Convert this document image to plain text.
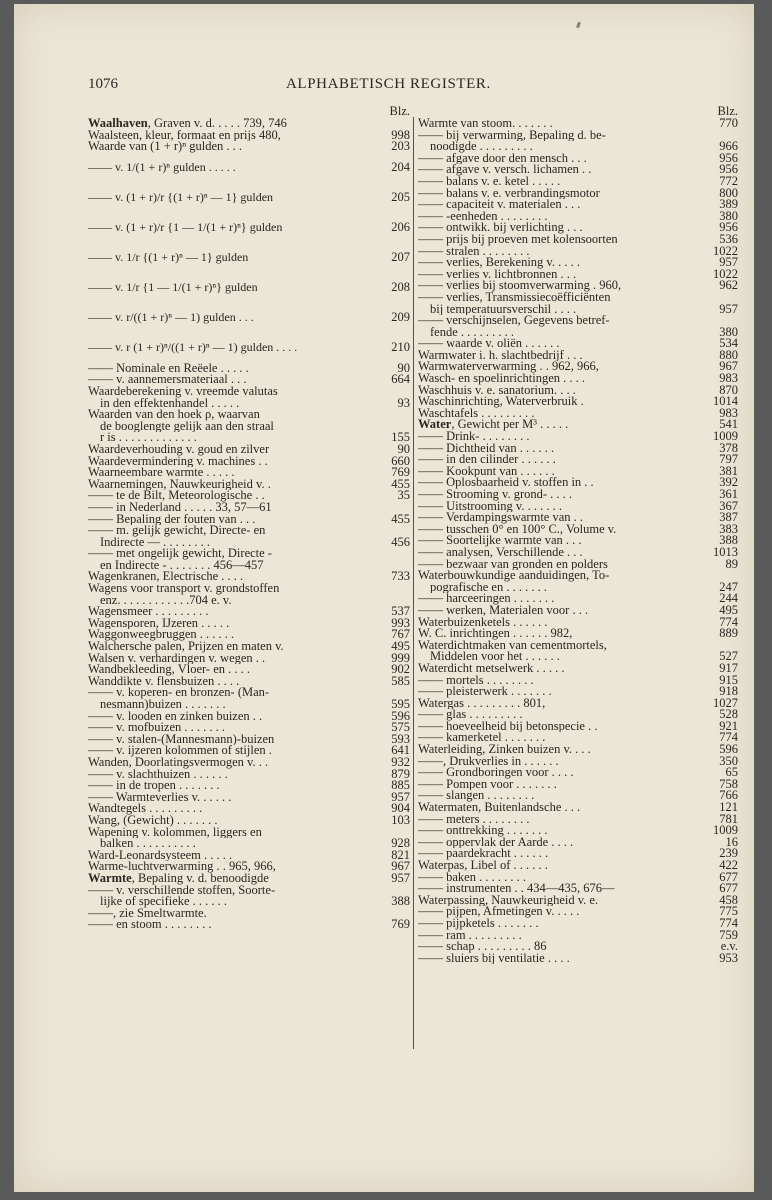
1076	ALPHABETISCH REGISTER.
Blz.
Waalhaven, Graven v. d. . . . . 739, 746
Waalsteen, kleur, formaat en prijs 480,	998
Waarde van (1 + r)ⁿ gulden . . .	203
—— v. 1/(1 + r)ⁿ gulden . . . . .	204
—— v. (1 + r)/r {(1 + r)ⁿ — 1} gulden	205
—— v. (1 + r)/r {1 — 1/(1 + r)ⁿ} gulden	206
—— v. 1/r {(1 + r)ⁿ — 1} gulden	207
—— v. 1/r {1 — 1/(1 + r)ⁿ} gulden	208
—— v. r/((1 + r)ⁿ — 1) gulden . . .	209
—— v. r (1 + r)ⁿ/((1 + r)ⁿ — 1) gulden . . . .	210
—— Nominale en Reëele . . . . .	90
—— v. aannemersmateriaal . . .	664
Waardeberekening v. vreemde valutas
in den effektenhandel . . . . .	93
Waarden van den hoek ρ, waarvan
de booglengte gelijk aan den straal
r is . . . . . . . . . . . . .	155
Waardeverhouding v. goud en zilver	90
Waardevermindering v. machines . .	660
Waarneembare warmte . . . . .	769
Waarnemingen, Nauwkeurigheid v. .	455
—— te de Bilt, Meteorologische . .	35
—— in Nederland . . . . . 33, 57—61
—— Bepaling der fouten van . . .	455
—— m. gelijk gewicht, Directe- en
Indirecte — . . . . . . . .	456
—— met ongelijk gewicht, Directe -
en Indirecte - . . . . . . . 456—457
Wagenkranen, Electrische . . . .	733
Wagens voor transport v. grondstoffen
enz. . . . . . . . . . . .704 e. v.
Wagensmeer . . . . . . . . .	537
Wagensporen, IJzeren . . . . .	993
Waggonweegbruggen . . . . . .	767
Walchersche palen, Prijzen en maten v.	495
Walsen v. verhardingen v. wegen . .	999
Wandbekleeding, Vloer- en . . . .	902
Wanddikte v. flensbuizen . . . .	585
—— v. koperen- en bronzen- (Man-
nesmann)buizen . . . . . . .	595
—— v. looden en zinken buizen . .	596
—— v. mofbuizen . . . . . . .	575
—— v. stalen-(Mannesmann)-buizen	593
—— v. ijzeren kolommen of stijlen .	641
Wanden, Doorlatingsvermogen v. . .	932
—— v. slachthuizen . . . . . .	879
—— in de tropen . . . . . . .	885
—— Warmteverlies v. . . . . .	957
Wandtegels . . . . . . . . .	904
Wang, (Gewicht) . . . . . . .	103
Wapening v. kolommen, liggers en
balken . . . . . . . . . .	928
Ward-Leonardsysteem . . . . .	821
Warme-luchtverwarming . . 965, 966,	967
Warmte, Bepaling v. d. benoodigde	957
—— v. verschillende stoffen, Soorte-
lijke of specifieke . . . . . .	388
——, zie Smeltwarmte.
—— en stoom . . . . . . . .	769
Blz.
Warmte van stoom. . . . . . .	770
—— bij verwarming, Bepaling d. be-
noodigde . . . . . . . . .	966
—— afgave door den mensch . . .	956
—— afgave v. versch. lichamen . .	956
—— balans v. e. ketel . . . . .	772
—— balans v. e. verbrandingsmotor	800
—— capaciteit v. materialen . . .	389
—— -eenheden . . . . . . . .	380
—— ontwikk. bij verlichting . . .	956
—— prijs bij proeven met kolensoorten	536
—— stralen . . . . . . . .	1022
—— verlies, Berekening v. . . . .	957
—— verlies v. lichtbronnen . . .	1022
—— verlies bij stoomverwarming . 960,	962
—— verlies, Transmissiecoëfficiënten
bij temperatuursverschil . . . .	957
—— verschijnselen, Gegevens betref-
fende . . . . . . . . .	380
—— waarde v. oliën . . . . . .	534
Warmwater i. h. slachtbedrijf . . .	880
Warmwaterverwarming . . 962, 966,	967
Wasch- en spoelinrichtingen . . . .	983
Waschhuis v. e. sanatorium. . . .	870
Waschinrichting, Waterverbruik .	1014
Waschtafels . . . . . . . . .	983
Water, Gewicht per M³ . . . . .	541
—— Drink- . . . . . . . .	1009
—— Dichtheid van . . . . . .	378
—— in den cilinder . . . . . .	797
—— Kookpunt van . . . . . .	381
—— Oplosbaarheid v. stoffen in . .	392
—— Strooming v. grond- . . . .	361
—— Uitstrooming v. . . . . . .	367
—— Verdampingswarmte van . .	387
—— tusschen 0° en 100° C., Volume v.	383
—— Soortelijke warmte van . . .	388
—— analysen, Verschillende . . .	1013
—— bezwaar van gronden en polders	89
Waterbouwkundige aanduidingen, To-
pografische en . . . . . . .	247
—— harceeringen . . . . . . .	244
—— werken, Materialen voor . . .	495
Waterbuizenketels . . . . . .	774
W. C. inrichtingen . . . . . . 982,	889
Waterdichtmaken van cementmortels,
Middelen voor het . . . . . .	527
Waterdicht metselwerk . . . . .	917
—— mortels . . . . . . . .	915
—— pleisterwerk . . . . . . .	918
Watergas . . . . . . . . . 801,	1027
—— glas . . . . . . . . .	528
—— hoeveelheid bij betonspecie . .	921
—— kamerketel . . . . . . .	774
Waterleiding, Zinken buizen v. . . .	596
——, Drukverlies in . . . . . .	350
—— Grondboringen voor . . . .	65
—— Pompen voor . . . . . . .	758
—— slangen . . . . . . . .	766
Watermaten, Buitenlandsche . . .	121
—— meters . . . . . . . .	781
—— onttrekking . . . . . . .	1009
—— oppervlak der Aarde . . . .	16
—— paardekracht . . . . . .	239
Waterpas, Libel of . . . . . .	422
—— baken . . . . . . . .	677
—— instrumenten . . 434—435, 676—	677
Waterpassing, Nauwkeurigheid v. e.	458
—— pijpen, Afmetingen v. . . . .	775
—— pijpketels . . . . . . .	774
—— ram . . . . . . . . .	759
—— schap . . . . . . . . . 86	e.v.
—— sluiers bij ventilatie . . . .	953
